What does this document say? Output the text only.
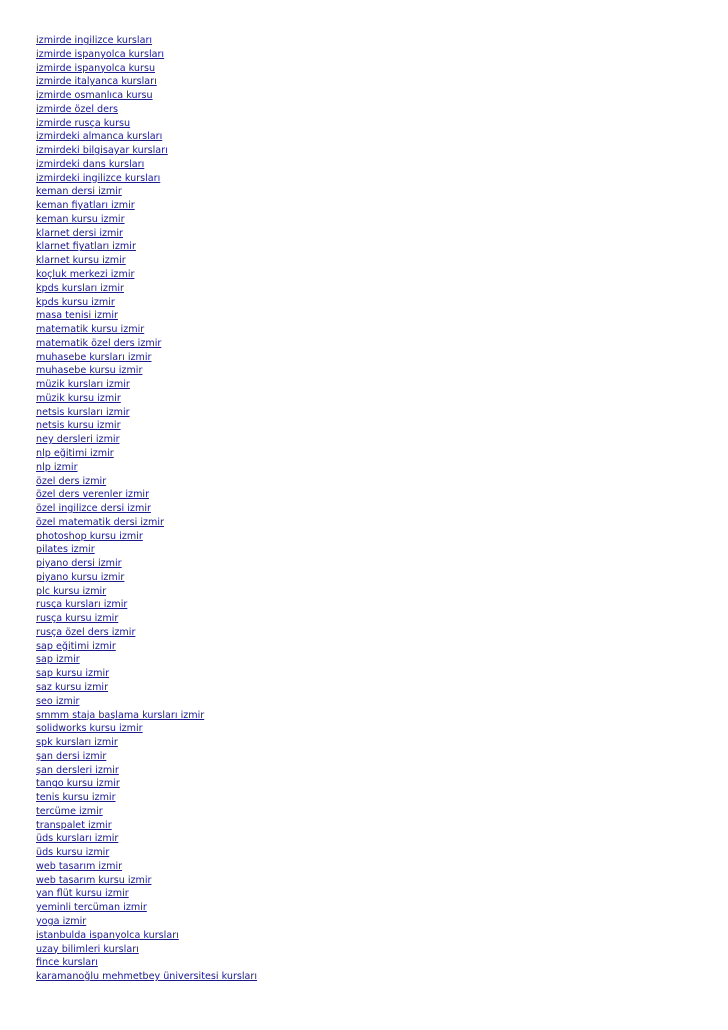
izmirde ingilizce kursları
izmirde ispanyolca kursları
izmirde ispanyolca kursu
izmirde italyanca kursları
izmirde osmanlıca kursu
izmirde özel ders
izmirde rusça kursu
izmirdeki almanca kursları
izmirdeki bilgisayar kursları
izmirdeki dans kursları
izmirdeki ingilizce kursları
keman dersi izmir
keman fiyatları izmir
keman kursu izmir
klarnet dersi izmir
klarnet fiyatları izmir
klarnet kursu izmir
koçluk merkezi izmir
kpds kursları izmir
kpds kursu izmir
masa tenisi izmir
matematik kursu izmir
matematik özel ders izmir
muhasebe kursları izmir
muhasebe kursu izmir
müzik kursları izmir
müzik kursu izmir
netsis kursları izmir
netsis kursu izmir
ney dersleri izmir
nlp eğitimi izmir
nlp izmir
özel ders izmir
özel ders verenler izmir
özel ingilizce dersi izmir
özel matematik dersi izmir
photoshop kursu izmir
pilates izmir
piyano dersi izmir
piyano kursu izmir
plc kursu izmir
rusça kursları izmir
rusça kursu izmir
rusça özel ders izmir
sap eğitimi izmir
sap izmir
sap kursu izmir
saz kursu izmir
seo izmir
smmm staja başlama kursları izmir
solidworks kursu izmir
spk kursları izmir
şan dersi izmir
şan dersleri izmir
tango kursu izmir
tenis kursu izmir
tercüme izmir
transpalet izmir
üds kursları izmir
üds kursu izmir
web tasarım izmir
web tasarım kursu izmir
yan flüt kursu izmir
yeminli tercüman izmir
yoga izmir
istanbulda ispanyolca kursları
uzay bilimleri kursları
fince kursları
karamanoğlu mehmetbey üniversitesi kursları
